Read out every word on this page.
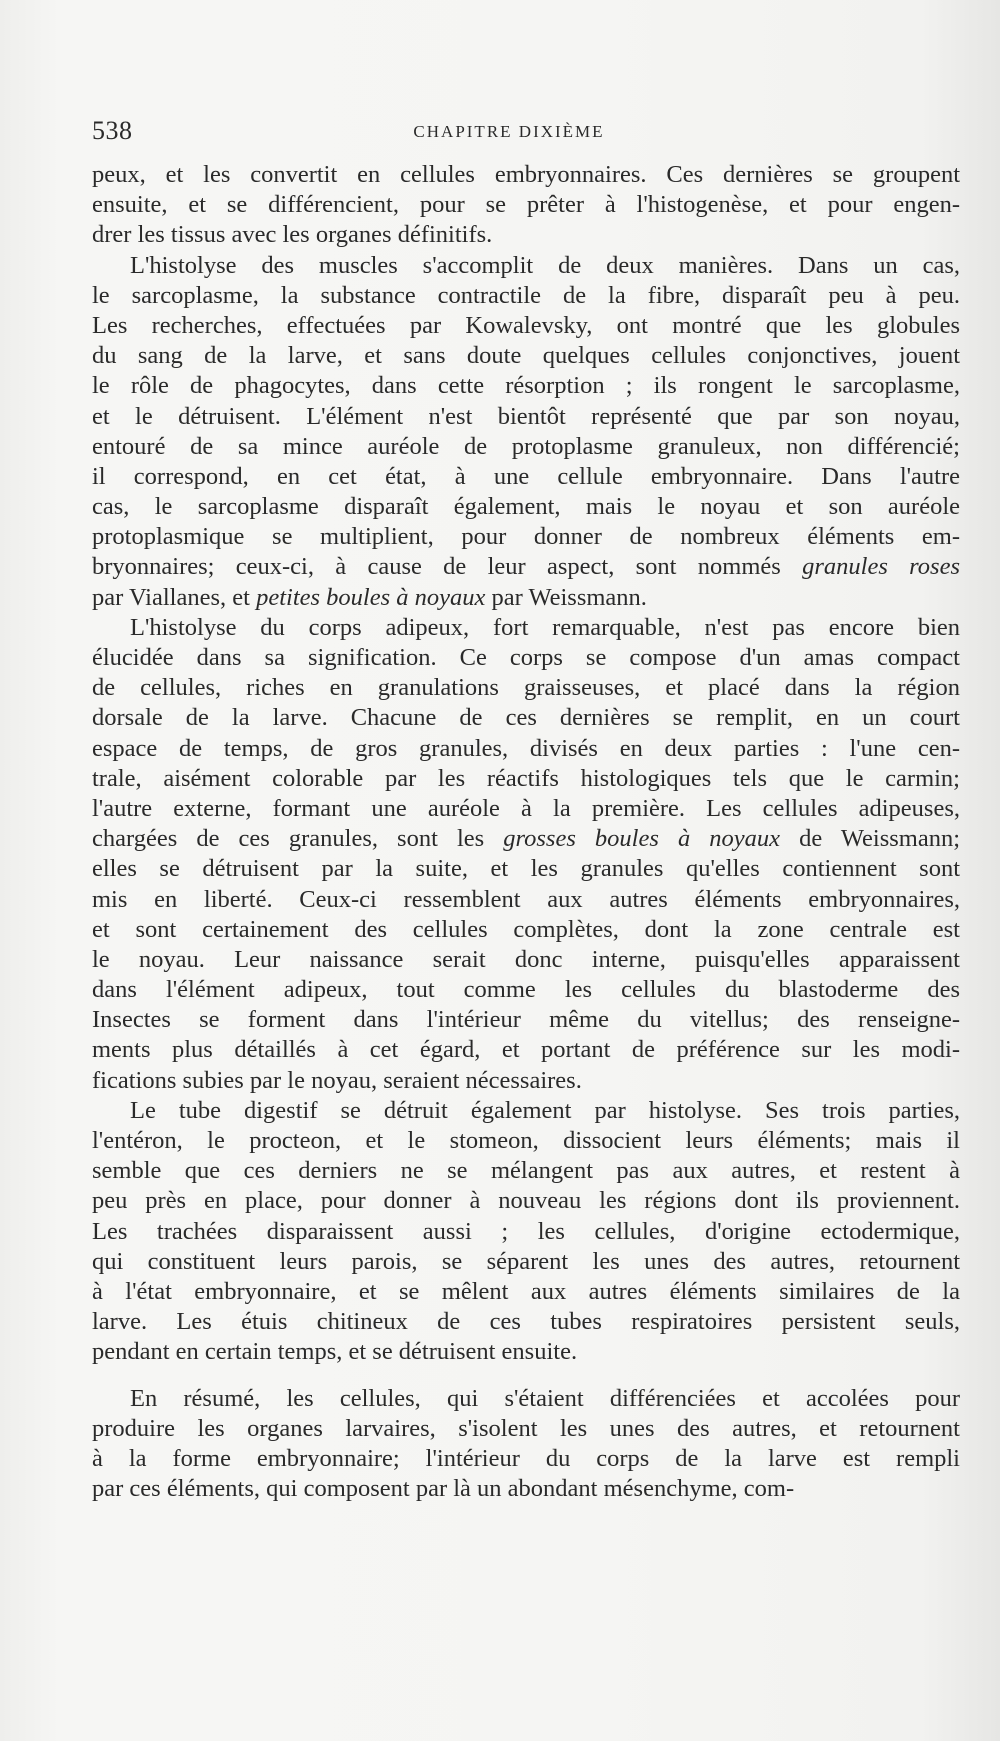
538	CHAPITRE DIXIÈME
peux, et les convertit en cellules embryonnaires. Ces dernières se groupent
ensuite, et se différencient, pour se prêter à l'histogenèse, et pour engen-
drer les tissus avec les organes définitifs.
L'histolyse des muscles s'accomplit de deux manières. Dans un cas,
le sarcoplasme, la substance contractile de la fibre, disparaît peu à peu.
Les recherches, effectuées par Kowalevsky, ont montré que les globules
du sang de la larve, et sans doute quelques cellules conjonctives, jouent
le rôle de phagocytes, dans cette résorption ; ils rongent le sarcoplasme,
et le détruisent. L'élément n'est bientôt représenté que par son noyau,
entouré de sa mince auréole de protoplasme granuleux, non différencié;
il correspond, en cet état, à une cellule embryonnaire. Dans l'autre
cas, le sarcoplasme disparaît également, mais le noyau et son auréole
protoplasmique se multiplient, pour donner de nombreux éléments em-
bryonnaires; ceux-ci, à cause de leur aspect, sont nommés granules roses
par Viallanes, et petites boules à noyaux par Weissmann.
L'histolyse du corps adipeux, fort remarquable, n'est pas encore bien
élucidée dans sa signification. Ce corps se compose d'un amas compact
de cellules, riches en granulations graisseuses, et placé dans la région
dorsale de la larve. Chacune de ces dernières se remplit, en un court
espace de temps, de gros granules, divisés en deux parties : l'une cen-
trale, aisément colorable par les réactifs histologiques tels que le carmin;
l'autre externe, formant une auréole à la première. Les cellules adipeuses,
chargées de ces granules, sont les grosses boules à noyaux de Weissmann;
elles se détruisent par la suite, et les granules qu'elles contiennent sont
mis en liberté. Ceux-ci ressemblent aux autres éléments embryonnaires,
et sont certainement des cellules complètes, dont la zone centrale est
le noyau. Leur naissance serait donc interne, puisqu'elles apparaissent
dans l'élément adipeux, tout comme les cellules du blastoderme des
Insectes se forment dans l'intérieur même du vitellus; des renseigne-
ments plus détaillés à cet égard, et portant de préférence sur les modi-
fications subies par le noyau, seraient nécessaires.
Le tube digestif se détruit également par histolyse. Ses trois parties,
l'entéron, le procteon, et le stomeon, dissocient leurs éléments; mais il
semble que ces derniers ne se mélangent pas aux autres, et restent à
peu près en place, pour donner à nouveau les régions dont ils proviennent.
Les trachées disparaissent aussi ; les cellules, d'origine ectodermique,
qui constituent leurs parois, se séparent les unes des autres, retournent
à l'état embryonnaire, et se mêlent aux autres éléments similaires de la
larve. Les étuis chitineux de ces tubes respiratoires persistent seuls,
pendant en certain temps, et se détruisent ensuite.
En résumé, les cellules, qui s'étaient différenciées et accolées pour
produire les organes larvaires, s'isolent les unes des autres, et retournent
à la forme embryonnaire; l'intérieur du corps de la larve est rempli
par ces éléments, qui composent par là un abondant mésenchyme, com-
